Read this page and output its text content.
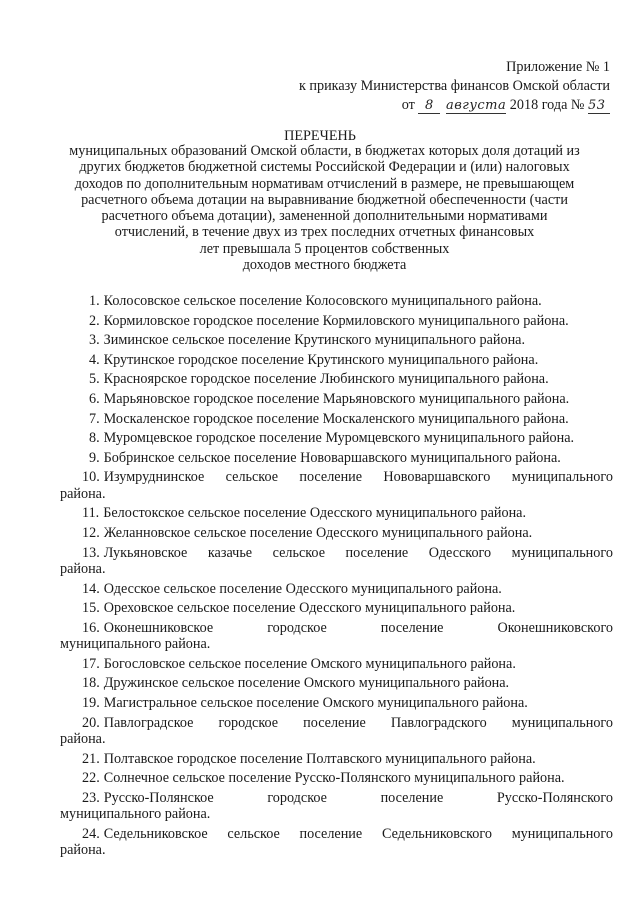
Приложение № 1
к приказу Министерства финансов Омской области
от 8 августа 2018 года № 53
ПЕРЕЧЕНЬ
муниципальных образований Омской области, в бюджетах которых доля дотаций из
других бюджетов бюджетной системы Российской Федерации и (или) налоговых
доходов по дополнительным нормативам отчислений в размере, не превышающем
расчетного объема дотации на выравнивание бюджетной обеспеченности (части
расчетного объема дотации), замененной дополнительными нормативами
отчислений, в течение двух из трех последних отчетных финансовых
лет превышала 5 процентов собственных
доходов местного бюджета
1. Колосовское сельское поселение Колосовского муниципального района.
2. Кормиловское городское поселение Кормиловского муниципального района.
3. Зиминское сельское поселение Крутинского муниципального района.
4. Крутинское городское поселение Крутинского муниципального района.
5. Краснoярское городское поселение Любинского муниципального района.
6. Марьяновское городское поселение Марьяновского муниципального района.
7. Москаленское городское поселение Москаленского муниципального района.
8. Муромцевское городское поселение Муромцевского муниципального района.
9. Бобринское сельское поселение Нововаршавского муниципального района.
10. Изумруднинское сельское поселение Нововаршавского муниципального
района.
11. Белостокское сельское поселение Одесского муниципального района.
12. Желанновское сельское поселение Одесского муниципального района.
13. Лукьяновское казачье сельское поселение Одесского муниципального
района.
14. Одесское сельское поселение Одесского муниципального района.
15. Ореховское сельское поселение Одесского муниципального района.
16. Оконешниковское	городское	поселение	Оконешниковского
муниципального района.
17. Богословское сельское поселение Омского муниципального района.
18. Дружинское сельское поселение Омского муниципального района.
19. Магистральное сельское поселение Омского муниципального района.
20. Павлоградское городское поселение Павлоградского муниципального
района.
21. Полтавское городское поселение Полтавского муниципального района.
22. Солнечное сельское поселение Русско-Полянского муниципального района.
23. Русско-Полянское	городское	поселение	Русско-Полянского
муниципального района.
24. Седельниковское сельское поселение Седельниковского муниципального
района.
